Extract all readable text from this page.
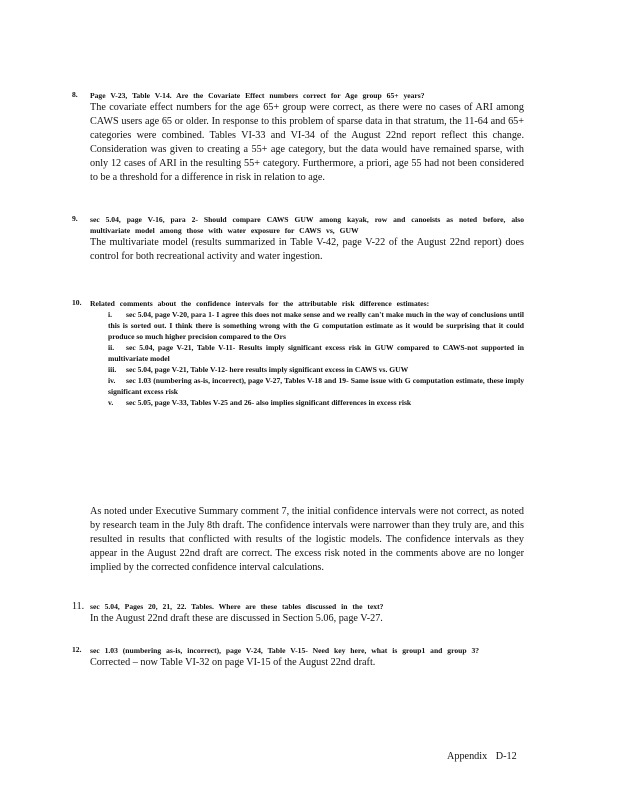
8. Page V-23, Table V-14. Are the Covariate Effect numbers correct for Age group 65+ years?

The covariate effect numbers for the age 65+ group were correct, as there were no cases of ARI among CAWS users age 65 or older. In response to this problem of sparse data in that stratum, the 11-64 and 65+ categories were combined. Tables VI-33 and VI-34 of the August 22nd report reflect this change. Consideration was given to creating a 55+ age category, but the data would have remained sparse, with only 12 cases of ARI in the resulting 55+ category. Furthermore, a priori, age 55 had not been considered to be a threshold for a difference in risk in relation to age.

9. sec 5.04, page V-16, para 2- Should compare CAWS GUW among kayak, row and canoeists as noted before, also multivariate model among those with water exposure for CAWS vs, GUW

The multivariate model (results summarized in Table V-42, page V-22 of the August 22nd report) does control for both recreational activity and water ingestion.

10. Related comments about the confidence intervals for the attributable risk difference estimates:
i. sec 5.04, page V-20, para 1- I agree this does not make sense and we really can't make much in the way of conclusions until this is sorted out. I think there is something wrong with the G computation estimate as it would be surprising that it could produce so much higher precision compared to the Ors
ii. sec 5.04, page V-21, Table V-11- Results imply significant excess risk in GUW compared to CAWS-not supported in multivariate model
iii. sec 5.04, page V-21, Table V-12- here results imply significant excess in CAWS vs. GUW
iv. sec 1.03 (numbering as-is, incorrect), page V-27, Tables V-18 and 19- Same issue with G computation estimate, these imply significant excess risk
v. sec 5.05, page V-33, Tables V-25 and 26- also implies significant differences in excess risk

As noted under Executive Summary comment 7, the initial confidence intervals were not correct, as noted by research team in the July 8th draft. The confidence intervals were narrower than they truly are, and this resulted in results that conflicted with results of the logistic models. The confidence intervals as they appear in the August 22nd draft are correct. The excess risk noted in the comments above are no longer implied by the corrected confidence interval calculations.

11. sec 5.04, Pages 20, 21, 22. Tables. Where are these tables discussed in the text?

In the August 22nd draft these are discussed in Section 5.06, page V-27.

12. sec 1.03 (numbering as-is, incorrect), page V-24, Table V-15- Need key here, what is group1 and group 3?

Corrected – now Table VI-32 on page VI-15 of the August 22nd draft.

Appendix D-12
